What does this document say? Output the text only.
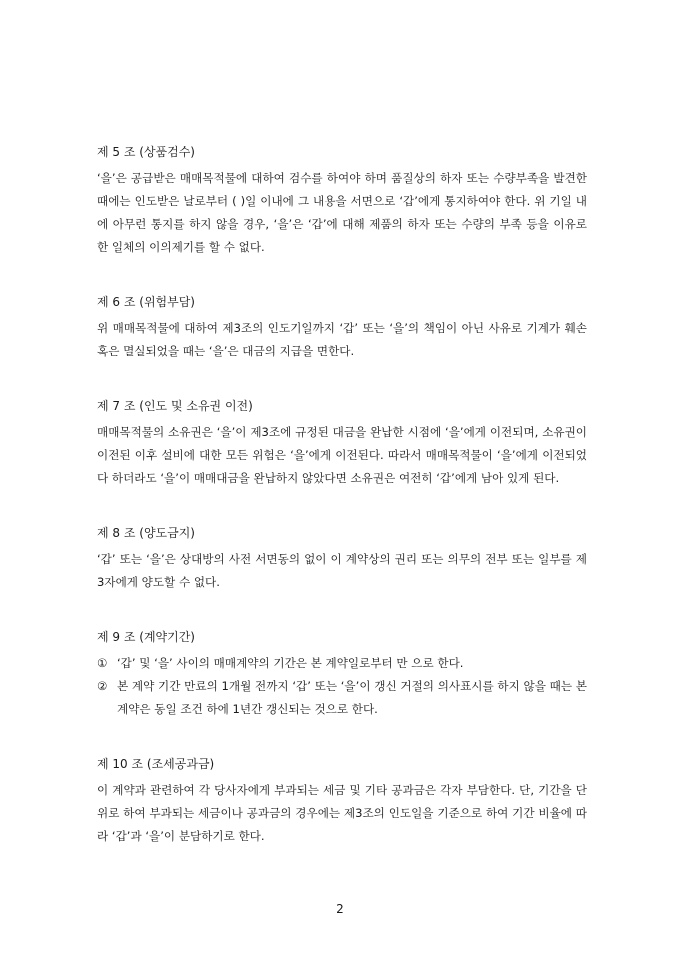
제 5 조 (상품검수)

‘을’은 공급받은 매매목적물에 대하여 검수를 하여야 하며 품질상의 하자 또는 수량부족을 발견한 때에는 인도받은 날로부터 ( )일 이내에 그 내용을 서면으로 ‘갑’에게 통지하여야 한다. 위 기일 내에 아무런 통지를 하지 않을 경우, ‘을’은 ‘갑’에 대해 제품의 하자 또는 수량의 부족 등을 이유로 한 일체의 이의제기를 할 수 없다.

제 6 조 (위험부담)

위 매매목적물에 대하여 제3조의 인도기일까지 ‘갑’ 또는 ‘을’의 책임이 아닌 사유로 기계가 훼손 혹은 멸실되었을 때는 ‘을’은 대금의 지급을 면한다.

제 7 조 (인도 및 소유권 이전)

매매목적물의 소유권은 ‘을’이 제3조에 규정된 대금을 완납한 시점에 ‘을’에게 이전되며, 소유권이 이전된 이후 설비에 대한 모든 위험은 ‘을’에게 이전된다. 따라서 매매목적물이 ‘을’에게 이전되었다 하더라도 ‘을’이 매매대금을 완납하지 않았다면 소유권은 여전히 ‘갑’에게 남아 있게 된다.

제 8 조 (양도금지)

‘갑’ 또는 ‘을’은 상대방의 사전 서면동의 없이 이 계약상의 권리 또는 의무의 전부 또는 일부를 제3자에게 양도할 수 없다.

제 9 조 (계약기간)
① ‘갑’ 및 ‘을’ 사이의 매매계약의 기간은 본 계약일로부터 만 으로 한다.
② 본 계약 기간 만료의 1개월 전까지 ‘갑’ 또는 ‘을’이 갱신 거절의 의사표시를 하지 않을 때는 본 계약은 동일 조건 하에 1년간 갱신되는 것으로 한다.
제 10 조 (조세공과금)

이 계약과 관련하여 각 당사자에게 부과되는 세금 및 기타 공과금은 각자 부담한다. 단, 기간을 단위로 하여 부과되는 세금이나 공과금의 경우에는 제3조의 인도일을 기준으로 하여 기간 비율에 따라 ‘갑’과 ‘을’이 분담하기로 한다.

2
